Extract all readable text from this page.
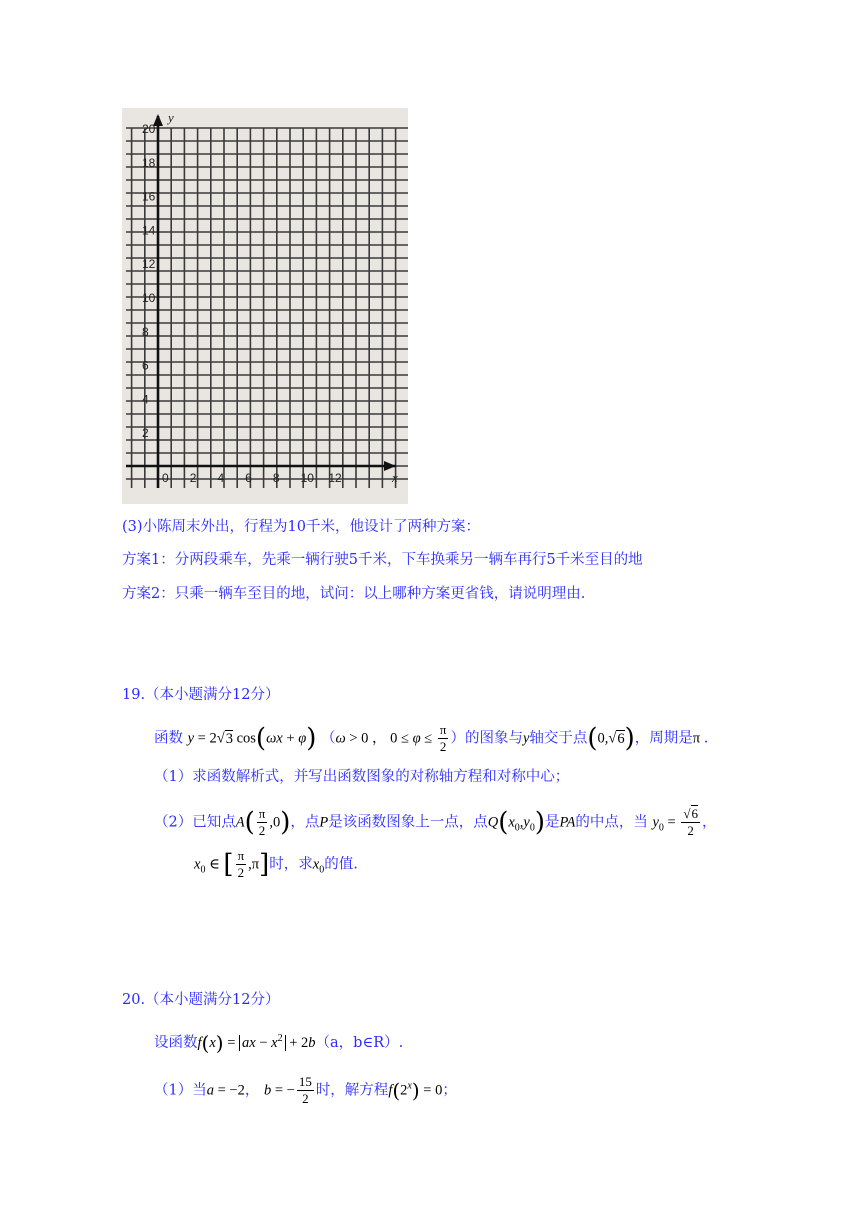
y
x
20
18
16
14
12
10
8
6
4
2
0 2 4 6 8 10 12
(3)小陈周末外出，行程为10千米，他设计了两种方案：
方案1：分两段乘车，先乘一辆行驶5千米，下车换乘另一辆车再行5千米至目的地
方案2：只乘一辆车至目的地，试问：以上哪种方案更省钱，请说明理由.
19.（本小题满分12分）
函数 y = 2√3 cos(ωx + φ) （ω > 0 ， $0 \le \varphi \le \frac{\pi}{2}$ ）的图象与y轴交于点(0,√6)，周期是π .
（1）求函数解析式，并写出函数图象的对称轴方程和对称中心；
（2）已知点$A( \frac{\pi}{2} ,0)$，点P是该函数图象上一点，点$Q(x_0,y_0)$是PA的中点，当 $y_0 = \frac{√6}{2}$ ，
$x_0$ ∈ [ $\frac{\pi}{2} ,\pi$]时，求$x_0$的值.
20.（本小题满分12分）
设函数f(x) = ax − $x^2 + 2b(a$，b∈R）.
（1）当a = −2， b = − $\frac{15}{2}$ 时，解方程$f(2^x) = 0$；
